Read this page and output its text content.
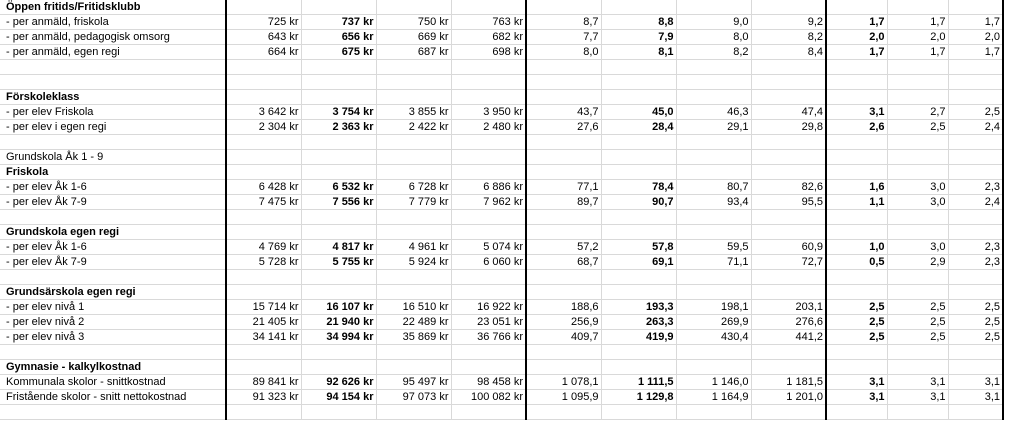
Öppen fritids/Fritidsklubb											
- per anmäld, friskola	725 kr	737 kr	750 kr	763 kr	8,7	8,8	9,0	9,2	1,7	1,7	1,7
- per anmäld, pedagogisk omsorg	643 kr	656 kr	669 kr	682 kr	7,7	7,9	8,0	8,2	2,0	2,0	2,0
- per anmäld, egen regi	664 kr	675 kr	687 kr	698 kr	8,0	8,1	8,2	8,4	1,7	1,7	1,7

Förskoleklass											
- per elev Friskola	3 642 kr	3 754 kr	3 855 kr	3 950 kr	43,7	45,0	46,3	47,4	3,1	2,7	2,5
- per elev i egen regi	2 304 kr	2 363 kr	2 422 kr	2 480 kr	27,6	28,4	29,1	29,8	2,6	2,5	2,4

Grundskola Åk 1 - 9											
Friskola											
- per elev Åk 1-6	6 428 kr	6 532 kr	6 728 kr	6 886 kr	77,1	78,4	80,7	82,6	1,6	3,0	2,3
- per elev Åk 7-9	7 475 kr	7 556 kr	7 779 kr	7 962 kr	89,7	90,7	93,4	95,5	1,1	3,0	2,4

Grundskola egen regi											
- per elev Åk 1-6	4 769 kr	4 817 kr	4 961 kr	5 074 kr	57,2	57,8	59,5	60,9	1,0	3,0	2,3
- per elev Åk 7-9	5 728 kr	5 755 kr	5 924 kr	6 060 kr	68,7	69,1	71,1	72,7	0,5	2,9	2,3

Grundsärskola egen regi											
- per elev nivå 1	15 714 kr	16 107 kr	16 510 kr	16 922 kr	188,6	193,3	198,1	203,1	2,5	2,5	2,5
- per elev nivå 2	21 405 kr	21 940 kr	22 489 kr	23 051 kr	256,9	263,3	269,9	276,6	2,5	2,5	2,5
- per elev nivå 3	34 141 kr	34 994 kr	35 869 kr	36 766 kr	409,7	419,9	430,4	441,2	2,5	2,5	2,5

Gymnasie - kalkylkostnad											
Kommunala skolor - snittkostnad	89 841 kr	92 626 kr	95 497 kr	98 458 kr	1 078,1	1 111,5	1 146,0	1 181,5	3,1	3,1	3,1
Fristående skolor - snitt nettokostnad	91 323 kr	94 154 kr	97 073 kr	100 082 kr	1 095,9	1 129,8	1 164,9	1 201,0	3,1	3,1	3,1
